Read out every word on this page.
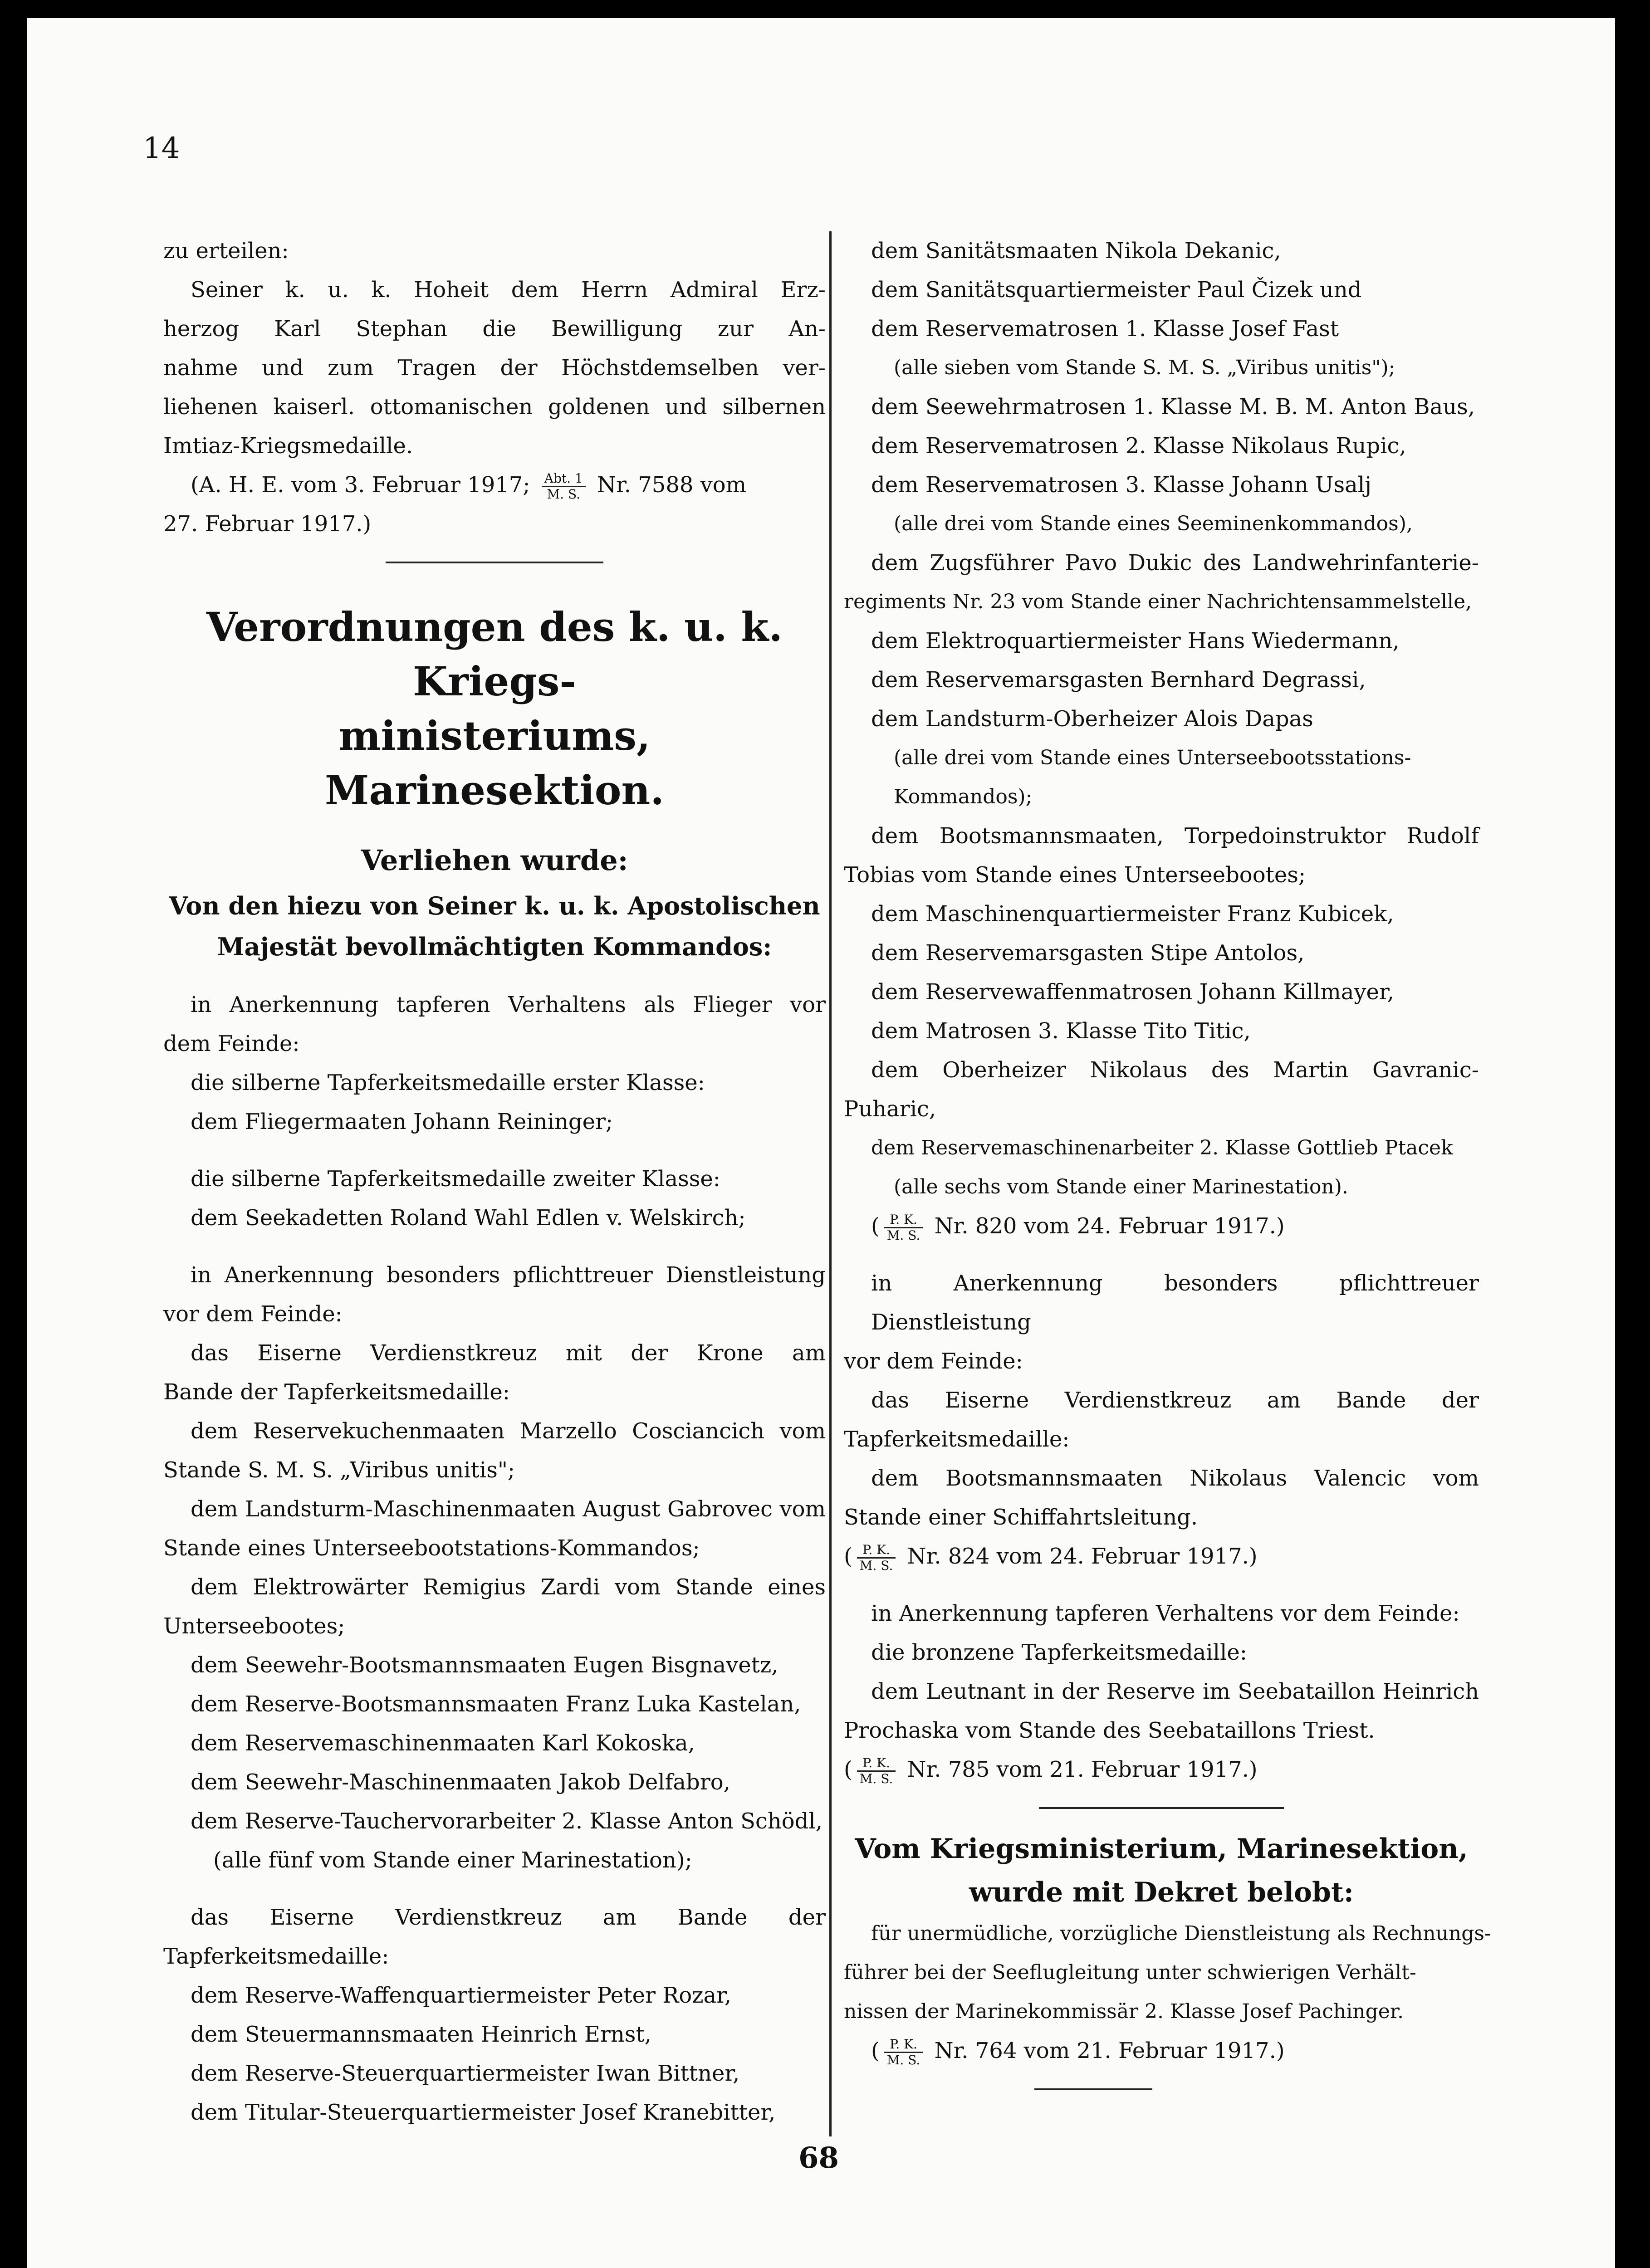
14
zu erteilen:
Seiner k. u. k. Hoheit dem Herrn Admiral Erz-
herzog Karl Stephan die Bewilligung zur An-
nahme und zum Tragen der Höchstdemselben ver-
liehenen kaiserl. ottomanischen goldenen und silbernen
Imtiaz-Kriegsmedaille.
(A. H. E. vom 3. Februar 1917; $\frac{\text{Abt. 1}}{M. S.} Nr$. 7588 vom
27. Februar 1917.)
Verordnungen des k. u. k. Kriegs-
ministeriums, Marinesektion.
Verliehen wurde:
Von den hiezu von Seiner k. u. k. Apostolischen
Majestät bevollmächtigten Kommandos:
in Anerkennung tapferen Verhaltens als Flieger vor
dem Feinde:
die silberne Tapferkeitsmedaille erster Klasse:
dem Fliegermaaten Johann Reininger;
die silberne Tapferkeitsmedaille zweiter Klasse:
dem Seekadetten Roland Wahl Edlen v. Welskirch;
in Anerkennung besonders pflichttreuer Dienstleistung
vor dem Feinde:
das Eiserne Verdienstkreuz mit der Krone am
Bande der Tapferkeitsmedaille:
dem Reservekuchenmaaten Marzello Cosciancich vom
Stande S. M. S. „Viribus unitis";
dem Landsturm-Maschinenmaaten August Gabrovec vom
Stande eines Unterseebootstations-Kommandos;
dem Elektrowärter Remigius Zardi vom Stande eines
Unterseebootes;
dem Seewehr-Bootsmannsmaaten Eugen Bisgnavetz,
dem Reserve-Bootsmannsmaaten Franz Luka Kastelan,
dem Reservemaschinenmaaten Karl Kokoska,
dem Seewehr-Maschinenmaaten Jakob Delfabro,
dem Reserve-Tauchervorarbeiter 2. Klasse Anton Schödl,
(alle fünf vom Stande einer Marinestation);
das Eiserne Verdienstkreuz am Bande der
Tapferkeitsmedaille:
dem Reserve-Waffenquartiermeister Peter Rozar,
dem Steuermannsmaaten Heinrich Ernst,
dem Reserve-Steuerquartiermeister Iwan Bittner,
dem Titular-Steuerquartiermeister Josef Kranebitter,
dem Sanitätsmaaten Nikola Dekanic,
dem Sanitätsquartiermeister Paul Čizek und
dem Reservematrosen 1. Klasse Josef Fast
(alle sieben vom Stande S. M. S. „Viribus unitis");
dem Seewehrmatrosen 1. Klasse M. B. M. Anton Baus,
dem Reservematrosen 2. Klasse Nikolaus Rupic,
dem Reservematrosen 3. Klasse Johann Usalj
(alle drei vom Stande eines Seeminenkommandos),
dem Zugsführer Pavo Dukic des Landwehrinfanterie-
regiments Nr. 23 vom Stande einer Nachrichtensammelstelle,
dem Elektroquartiermeister Hans Wiedermann,
dem Reservemarsgasten Bernhard Degrassi,
dem Landsturm-Oberheizer Alois Dapas
(alle drei vom Stande eines Unterseebootsstations-
Kommandos);
dem Bootsmannsmaaten, Torpedoinstruktor Rudolf
Tobias vom Stande eines Unterseebootes;
dem Maschinenquartiermeister Franz Kubicek,
dem Reservemarsgasten Stipe Antolos,
dem Reservewaffenmatrosen Johann Killmayer,
dem Matrosen 3. Klasse Tito Titic,
dem Oberheizer Nikolaus des Martin Gavranic-
Puharic,
dem Reservemaschinenarbeiter 2. Klasse Gottlieb Ptacek
(alle sechs vom Stande einer Marinestation).
( $\frac{P. K.}{M. S.} Nr$. 820 vom 24. Februar 1917.)
in Anerkennung besonders pflichttreuer Dienstleistung
vor dem Feinde:
das Eiserne Verdienstkreuz am Bande der
Tapferkeitsmedaille:
dem Bootsmannsmaaten Nikolaus Valencic vom
Stande einer Schiffahrtsleitung.
( $\frac{P. K.}{M. S.} Nr$. 824 vom 24. Februar 1917.)
in Anerkennung tapferen Verhaltens vor dem Feinde:
die bronzene Tapferkeitsmedaille:
dem Leutnant in der Reserve im Seebataillon Heinrich
Prochaska vom Stande des Seebataillons Triest.
( $\frac{P. K.}{M. S.} Nr$. 785 vom 21. Februar 1917.)
Vom Kriegsministerium, Marinesektion,
wurde mit Dekret belobt:
für unermüdliche, vorzügliche Dienstleistung als Rechnungs-
führer bei der Seeflugleitung unter schwierigen Verhält-
nissen der Marinekommissär 2. Klasse Josef Pachinger.
( $\frac{P. K.}{M. S.} Nr$. 764 vom 21. Februar 1917.)
68
